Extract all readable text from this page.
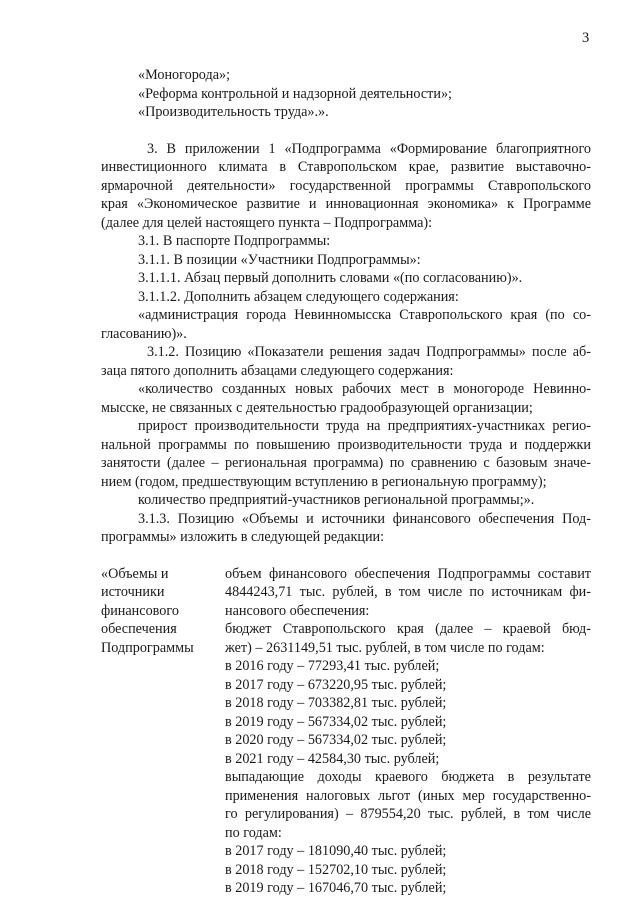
3
«Моногорода»;
«Реформа контрольной и надзорной деятельности»;
«Производительность труда».».
3. В приложении 1 «Подпрограмма «Формирование благоприятного
инвестиционного климата в Ставропольском крае, развитие выставочно-
ярмарочной деятельности» государственной программы Ставропольского
края «Экономическое развитие и инновационная экономика» к Программе
(далее для целей настоящего пункта – Подпрограмма):
3.1. В паспорте Подпрограммы:
3.1.1. В позиции «Участники Подпрограммы»:
3.1.1.1. Абзац первый дополнить словами «(по согласованию)».
3.1.1.2. Дополнить абзацем следующего содержания:
«администрация города Невинномысска Ставропольского края (по со-
гласованию)».
3.1.2. Позицию «Показатели решения задач Подпрограммы» после аб-
заца пятого дополнить абзацами следующего содержания:
«количество созданных новых рабочих мест в моногороде Невинно-
мысске, не связанных с деятельностью градообразующей организации;
прирост производительности труда на предприятиях-участниках регио-
нальной программы по повышению производительности труда и поддержки
занятости (далее – региональная программа) по сравнению с базовым значе-
нием (годом, предшествующим вступлению в региональную программу);
количество предприятий-участников региональной программы;».
3.1.3. Позицию «Объемы и источники финансового обеспечения Под-
программы» изложить в следующей редакции:
«Объемы и
источники
финансового
обеспечения
Подпрограммы
объем финансового обеспечения Подпрограммы составит
4844243,71 тыс. рублей, в том числе по источникам фи-
нансового обеспечения:
бюджет Ставропольского края (далее – краевой бюд-
жет) – 2631149,51 тыс. рублей, в том числе по годам:
в 2016 году – 77293,41 тыс. рублей;
в 2017 году – 673220,95 тыс. рублей;
в 2018 году – 703382,81 тыс. рублей;
в 2019 году – 567334,02 тыс. рублей;
в 2020 году – 567334,02 тыс. рублей;
в 2021 году – 42584,30 тыс. рублей;
выпадающие доходы краевого бюджета в результате
применения налоговых льгот (иных мер государственно-
го регулирования) – 879554,20 тыс. рублей, в том числе
по годам:
в 2017 году – 181090,40 тыс. рублей;
в 2018 году – 152702,10 тыс. рублей;
в 2019 году – 167046,70 тыс. рублей;
